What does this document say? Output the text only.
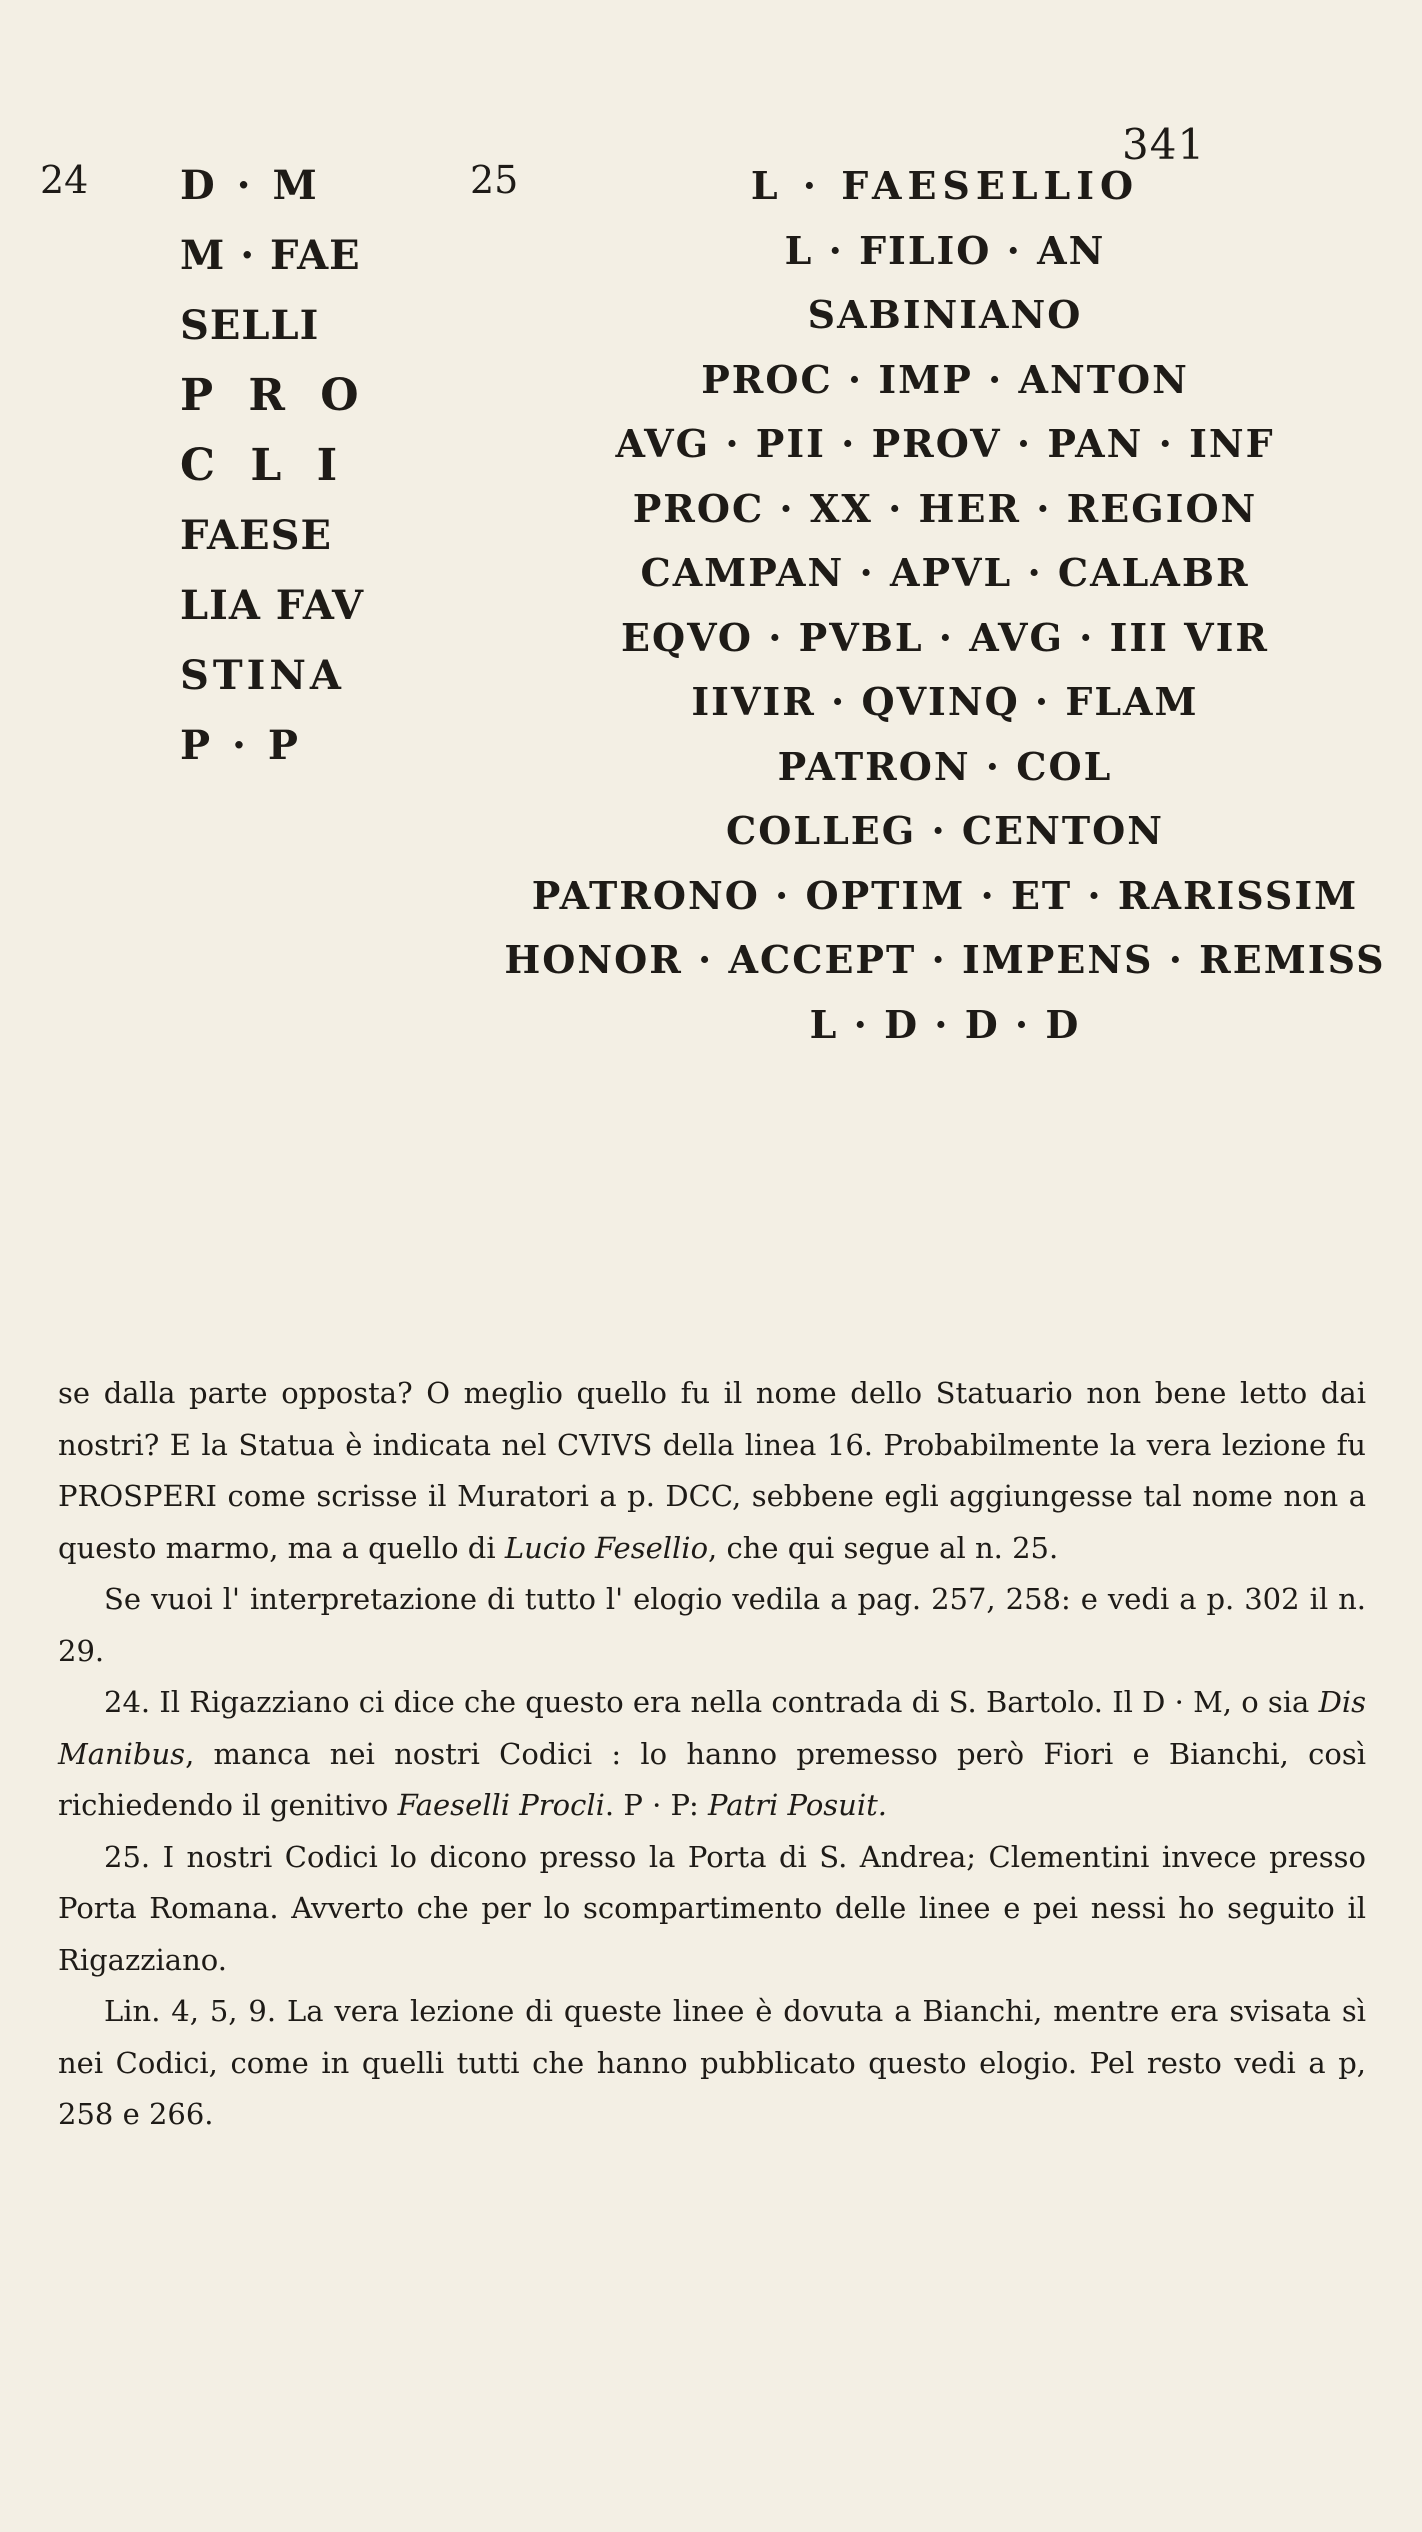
341
24 D · M
M · FAE
SELLI
P R O
C L I
FAESE
LIA FAV
STINA
P · P
25	L · FAESELLIO
L · FILIO · AN
SABINIANO
PROC · IMP · ANTON
AVG · PII · PROV · PAN · INF
PROC · XX · HER · REGION
CAMPAN · APVL · CALABR
EQVO · PVBL · AVG · III VIR
IIVIR · QVINQ · FLAM
PATRON · COL
COLLEG · CENTON
PATRONO · OPTIM · ET · RARISSIM
HONOR · ACCEPT · IMPENS · REMISS
L · D · D · D

se dalla parte opposta? O meglio quello fu il nome dello Statuario non bene letto dai nostri? E la Statua è indicata nel CVIVS della linea 16. Probabilmente la vera lezione fu PROSPERI come scrisse il Muratori a p. DCC, sebbene egli aggiungesse tal nome non a questo marmo, ma a quello di Lucio Fesellio, che qui segue al n. 25.

Se vuoi l' interpretazione di tutto l' elogio vedila a pag. 257, 258: e vedi a p. 302 il n. 29.

24. Il Rigazziano ci dice che questo era nella contrada di S. Bartolo. Il D · M, o sia Dis Manibus, manca nei nostri Codici : lo hanno premesso però Fiori e Bianchi, così richiedendo il genitivo Faeselli Procli. P · P: Patri Posuit.

25. I nostri Codici lo dicono presso la Porta di S. Andrea; Clementini invece presso Porta Romana. Avverto che per lo scompartimento delle linee e pei nessi ho seguito il Rigazziano.

Lin. 4, 5, 9. La vera lezione di queste linee è dovuta a Bianchi, mentre era svisata sì nei Codici, come in quelli tutti che hanno pubblicato questo elogio. Pel resto vedi a p, 258 e 266.
